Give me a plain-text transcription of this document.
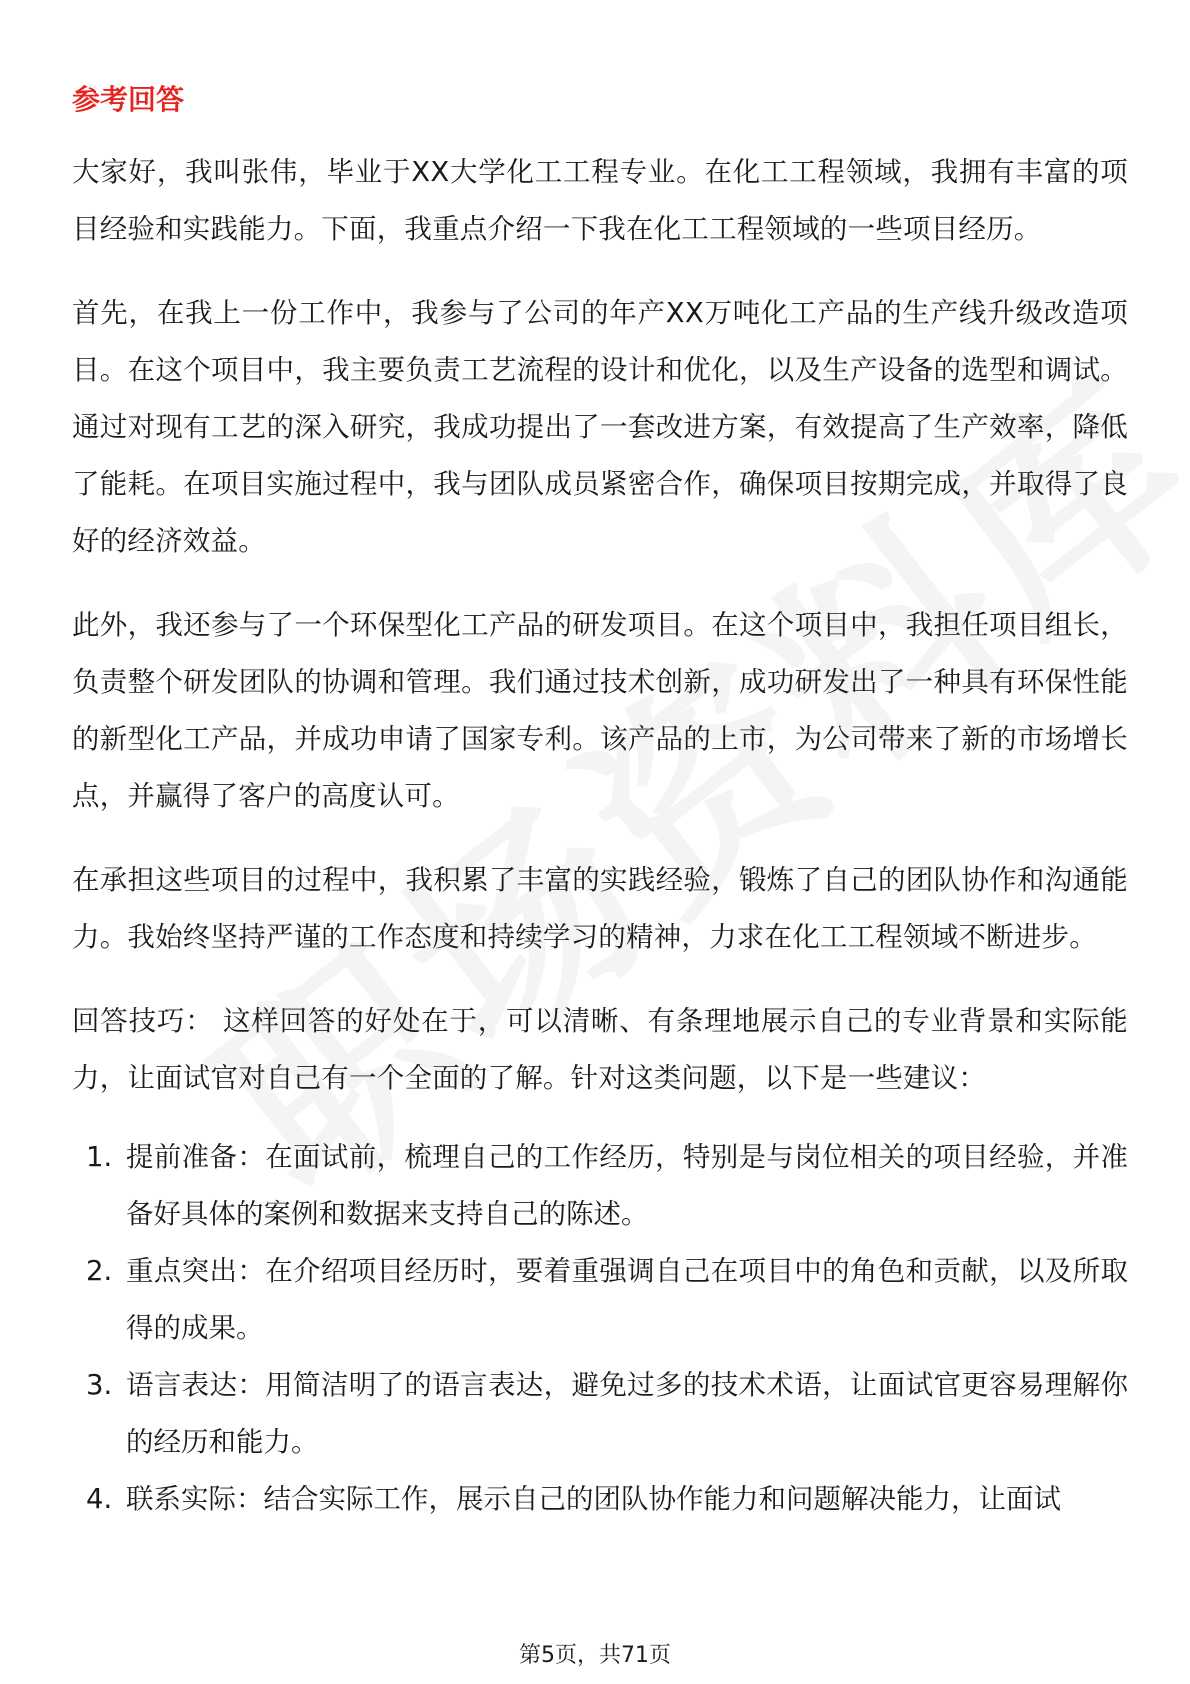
参考回答

大家好，我叫张伟，毕业于XX大学化工工程专业。在化工工程领域，我拥有丰富的项目经验和实践能力。下面，我重点介绍一下我在化工工程领域的一些项目经历。

首先，在我上一份工作中，我参与了公司的年产XX万吨化工产品的生产线升级改造项目。在这个项目中，我主要负责工艺流程的设计和优化，以及生产设备的选型和调试。通过对现有工艺的深入研究，我成功提出了一套改进方案，有效提高了生产效率，降低了能耗。在项目实施过程中，我与团队成员紧密合作，确保项目按期完成，并取得了良好的经济效益。

此外，我还参与了一个环保型化工产品的研发项目。在这个项目中，我担任项目组长，负责整个研发团队的协调和管理。我们通过技术创新，成功研发出了一种具有环保性能的新型化工产品，并成功申请了国家专利。该产品的上市，为公司带来了新的市场增长点，并赢得了客户的高度认可。

在承担这些项目的过程中，我积累了丰富的实践经验，锻炼了自己的团队协作和沟通能力。我始终坚持严谨的工作态度和持续学习的精神，力求在化工工程领域不断进步。

回答技巧： 这样回答的好处在于，可以清晰、有条理地展示自己的专业背景和实际能力，让面试官对自己有一个全面的了解。针对这类问题，以下是一些建议：

1. 提前准备：在面试前，梳理自己的工作经历，特别是与岗位相关的项目经验，并准备好具体的案例和数据来支持自己的陈述。
2. 重点突出：在介绍项目经历时，要着重强调自己在项目中的角色和贡献，以及所取得的成果。
3. 语言表达：用简洁明了的语言表达，避免过多的技术术语，让面试官更容易理解你的经历和能力。
4. 联系实际：结合实际工作，展示自己的团队协作能力和问题解决能力，让面试
第5页，共71页
